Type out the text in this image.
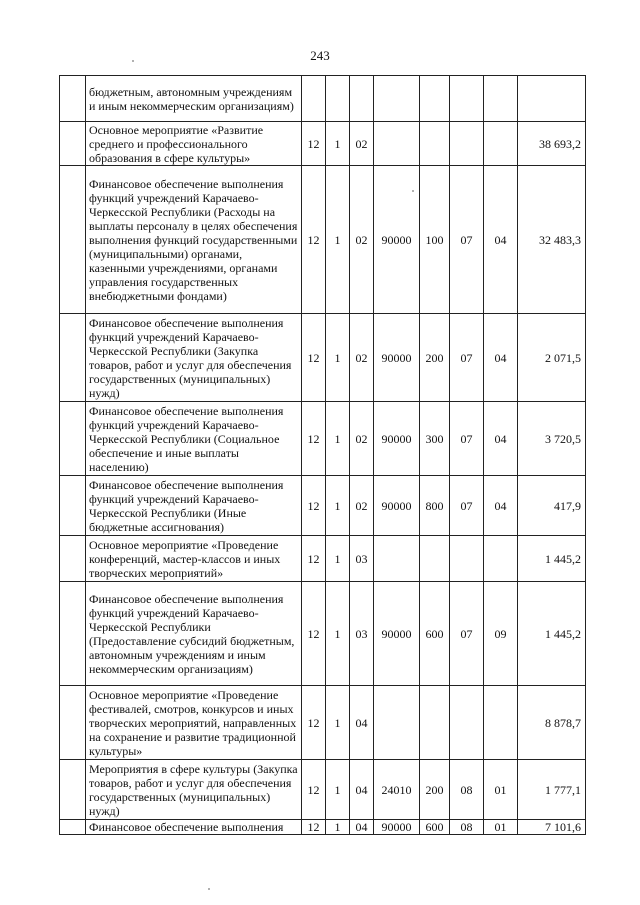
243
	бюджетным, автономным учреждениям и иным некоммерческим организациям)								
	Основное мероприятие «Развитие среднего и профессионального образования в сфере культуры»	12	1	02					38 693,2
	Финансовое обеспечение выполнения функций учреждений Карачаево-Черкесской Республики (Расходы на выплаты персоналу в целях обеспечения выполнения функций государственными (муниципальными) органами, казенными учреждениями, органами управления государственных внебюджетными фондами)	12	1	02	90000	100	07	04	32 483,3
	Финансовое обеспечение выполнения функций учреждений Карачаево-Черкесской Республики (Закупка товаров, работ и услуг для обеспечения государственных (муниципальных) нужд)	12	1	02	90000	200	07	04	2 071,5
	Финансовое обеспечение выполнения функций учреждений Карачаево-Черкесской Республики (Социальное обеспечение и иные выплаты населению)	12	1	02	90000	300	07	04	3 720,5
	Финансовое обеспечение выполнения функций учреждений Карачаево-Черкесской Республики (Иные бюджетные ассигнования)	12	1	02	90000	800	07	04	417,9
	Основное мероприятие «Проведение конференций, мастер-классов и иных творческих мероприятий»	12	1	03					1 445,2
	Финансовое обеспечение выполнения функций учреждений Карачаево-Черкесской Республики (Предоставление субсидий бюджетным, автономным учреждениям и иным некоммерческим организациям)	12	1	03	90000	600	07	09	1 445,2
	Основное мероприятие «Проведение фестивалей, смотров, конкурсов и иных творческих мероприятий, направленных на сохранение и развитие традиционной культуры»	12	1	04					8 878,7
	Мероприятия в сфере культуры (Закупка товаров, работ и услуг для обеспечения государственных (муниципальных) нужд)	12	1	04	24010	200	08	01	1 777,1
	Финансовое обеспечение выполнения	12	1	04	90000	600	08	01	7 101,6
